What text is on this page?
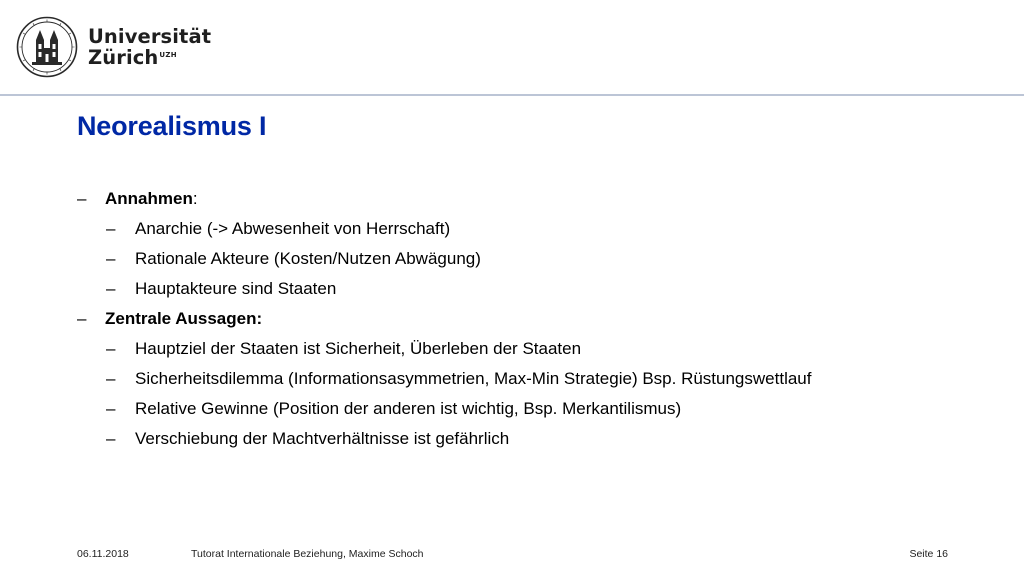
Universität
Zürich$^{UZH}$
Neorealismus I
– Annahmen:
– Anarchie (-> Abwesenheit von Herrschaft)
– Rationale Akteure (Kosten/Nutzen Abwägung)
– Hauptakteure sind Staaten
– Zentrale Aussagen:
– Hauptziel der Staaten ist Sicherheit, Überleben der Staaten
– Sicherheitsdilemma (Informationsasymmetrien, Max-Min Strategie) Bsp. Rüstungswettlauf
– Relative Gewinne (Position der anderen ist wichtig, Bsp. Merkantilismus)
– Verschiebung der Machtverhältnisse ist gefährlich
06.11.2018	Tutorat Internationale Beziehung, Maxime Schoch	Seite 16
